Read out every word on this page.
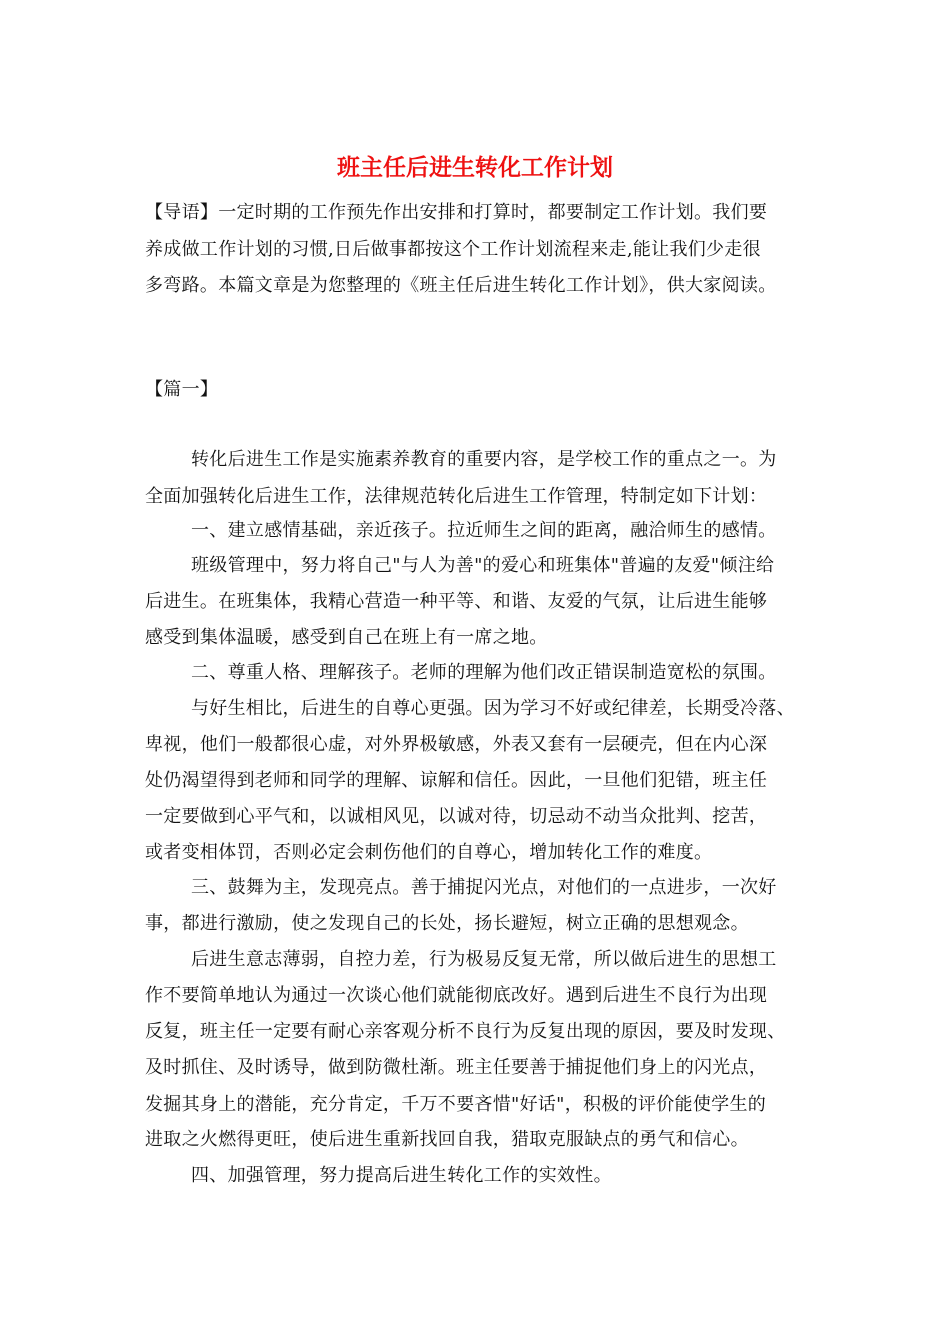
班主任后进生转化工作计划
【导语】一定时期的工作预先作出安排和打算时，都要制定工作计划。我们要
养成做工作计划的习惯,日后做事都按这个工作计划流程来走,能让我们少走很
多弯路。本篇文章是为您整理的《班主任后进生转化工作计划》，供大家阅读。
【篇一】
转化后进生工作是实施素养教育的重要内容，是学校工作的重点之一。为
全面加强转化后进生工作，法律规范转化后进生工作管理，特制定如下计划：
一、建立感情基础，亲近孩子。拉近师生之间的距离，融洽师生的感情。
班级管理中，努力将自己"与人为善"的爱心和班集体"普遍的友爱"倾注给
后进生。在班集体，我精心营造一种平等、和谐、友爱的气氛，让后进生能够
感受到集体温暖，感受到自己在班上有一席之地。
二、尊重人格、理解孩子。老师的理解为他们改正错误制造宽松的氛围。
与好生相比，后进生的自尊心更强。因为学习不好或纪律差，长期受冷落、
卑视，他们一般都很心虚，对外界极敏感，外表又套有一层硬壳，但在内心深
处仍渴望得到老师和同学的理解、谅解和信任。因此，一旦他们犯错，班主任
一定要做到心平气和，以诚相风见，以诚对待，切忌动不动当众批判、挖苦，
或者变相体罚，否则必定会刺伤他们的自尊心，增加转化工作的难度。
三、鼓舞为主，发现亮点。善于捕捉闪光点，对他们的一点进步，一次好
事，都进行激励，使之发现自己的长处，扬长避短，树立正确的思想观念。
后进生意志薄弱，自控力差，行为极易反复无常，所以做后进生的思想工
作不要简单地认为通过一次谈心他们就能彻底改好。遇到后进生不良行为出现
反复，班主任一定要有耐心亲客观分析不良行为反复出现的原因，要及时发现、
及时抓住、及时诱导，做到防微杜渐。班主任要善于捕捉他们身上的闪光点，
发掘其身上的潜能，充分肯定，千万不要吝惜"好话"，积极的评价能使学生的
进取之火燃得更旺，使后进生重新找回自我，猎取克服缺点的勇气和信心。
四、加强管理，努力提高后进生转化工作的实效性。
